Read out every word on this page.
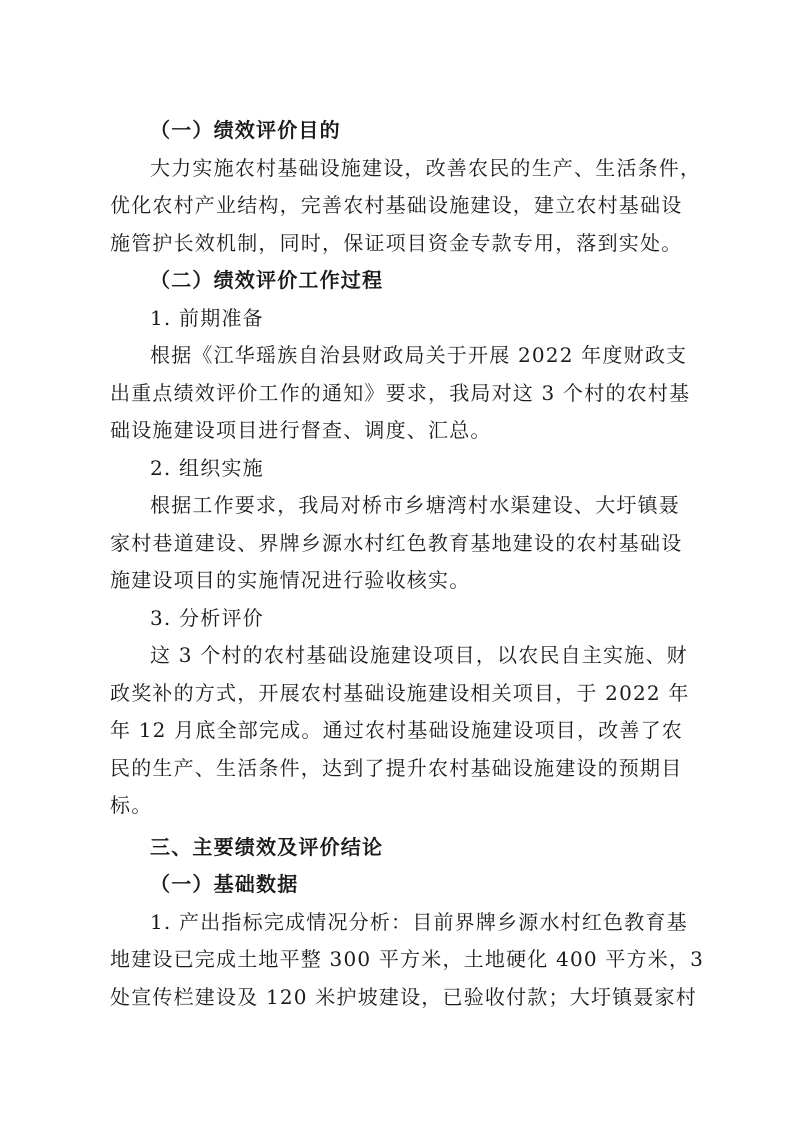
（一）绩效评价目的
大力实施农村基础设施建设，改善农民的生产、生活条件，
优化农村产业结构，完善农村基础设施建设，建立农村基础设
施管护长效机制，同时，保证项目资金专款专用，落到实处。
（二）绩效评价工作过程
1. 前期准备
根据《江华瑶族自治县财政局关于开展 2022 年度财政支
出重点绩效评价工作的通知》要求，我局对这 3 个村的农村基
础设施建设项目进行督查、调度、汇总。
2. 组织实施
根据工作要求，我局对桥市乡塘湾村水渠建设、大圩镇聂
家村巷道建设、界牌乡源水村红色教育基地建设的农村基础设
施建设项目的实施情况进行验收核实。
3. 分析评价
这 3 个村的农村基础设施建设项目，以农民自主实施、财
政奖补的方式，开展农村基础设施建设相关项目，于 2022 年
年 12 月底全部完成。通过农村基础设施建设项目，改善了农
民的生产、生活条件，达到了提升农村基础设施建设的预期目
标。
三、主要绩效及评价结论
（一）基础数据
1. 产出指标完成情况分析：目前界牌乡源水村红色教育基
地建设已完成土地平整 300 平方米，土地硬化 400 平方米，3
处宣传栏建设及 120 米护坡建设，已验收付款；大圩镇聂家村
